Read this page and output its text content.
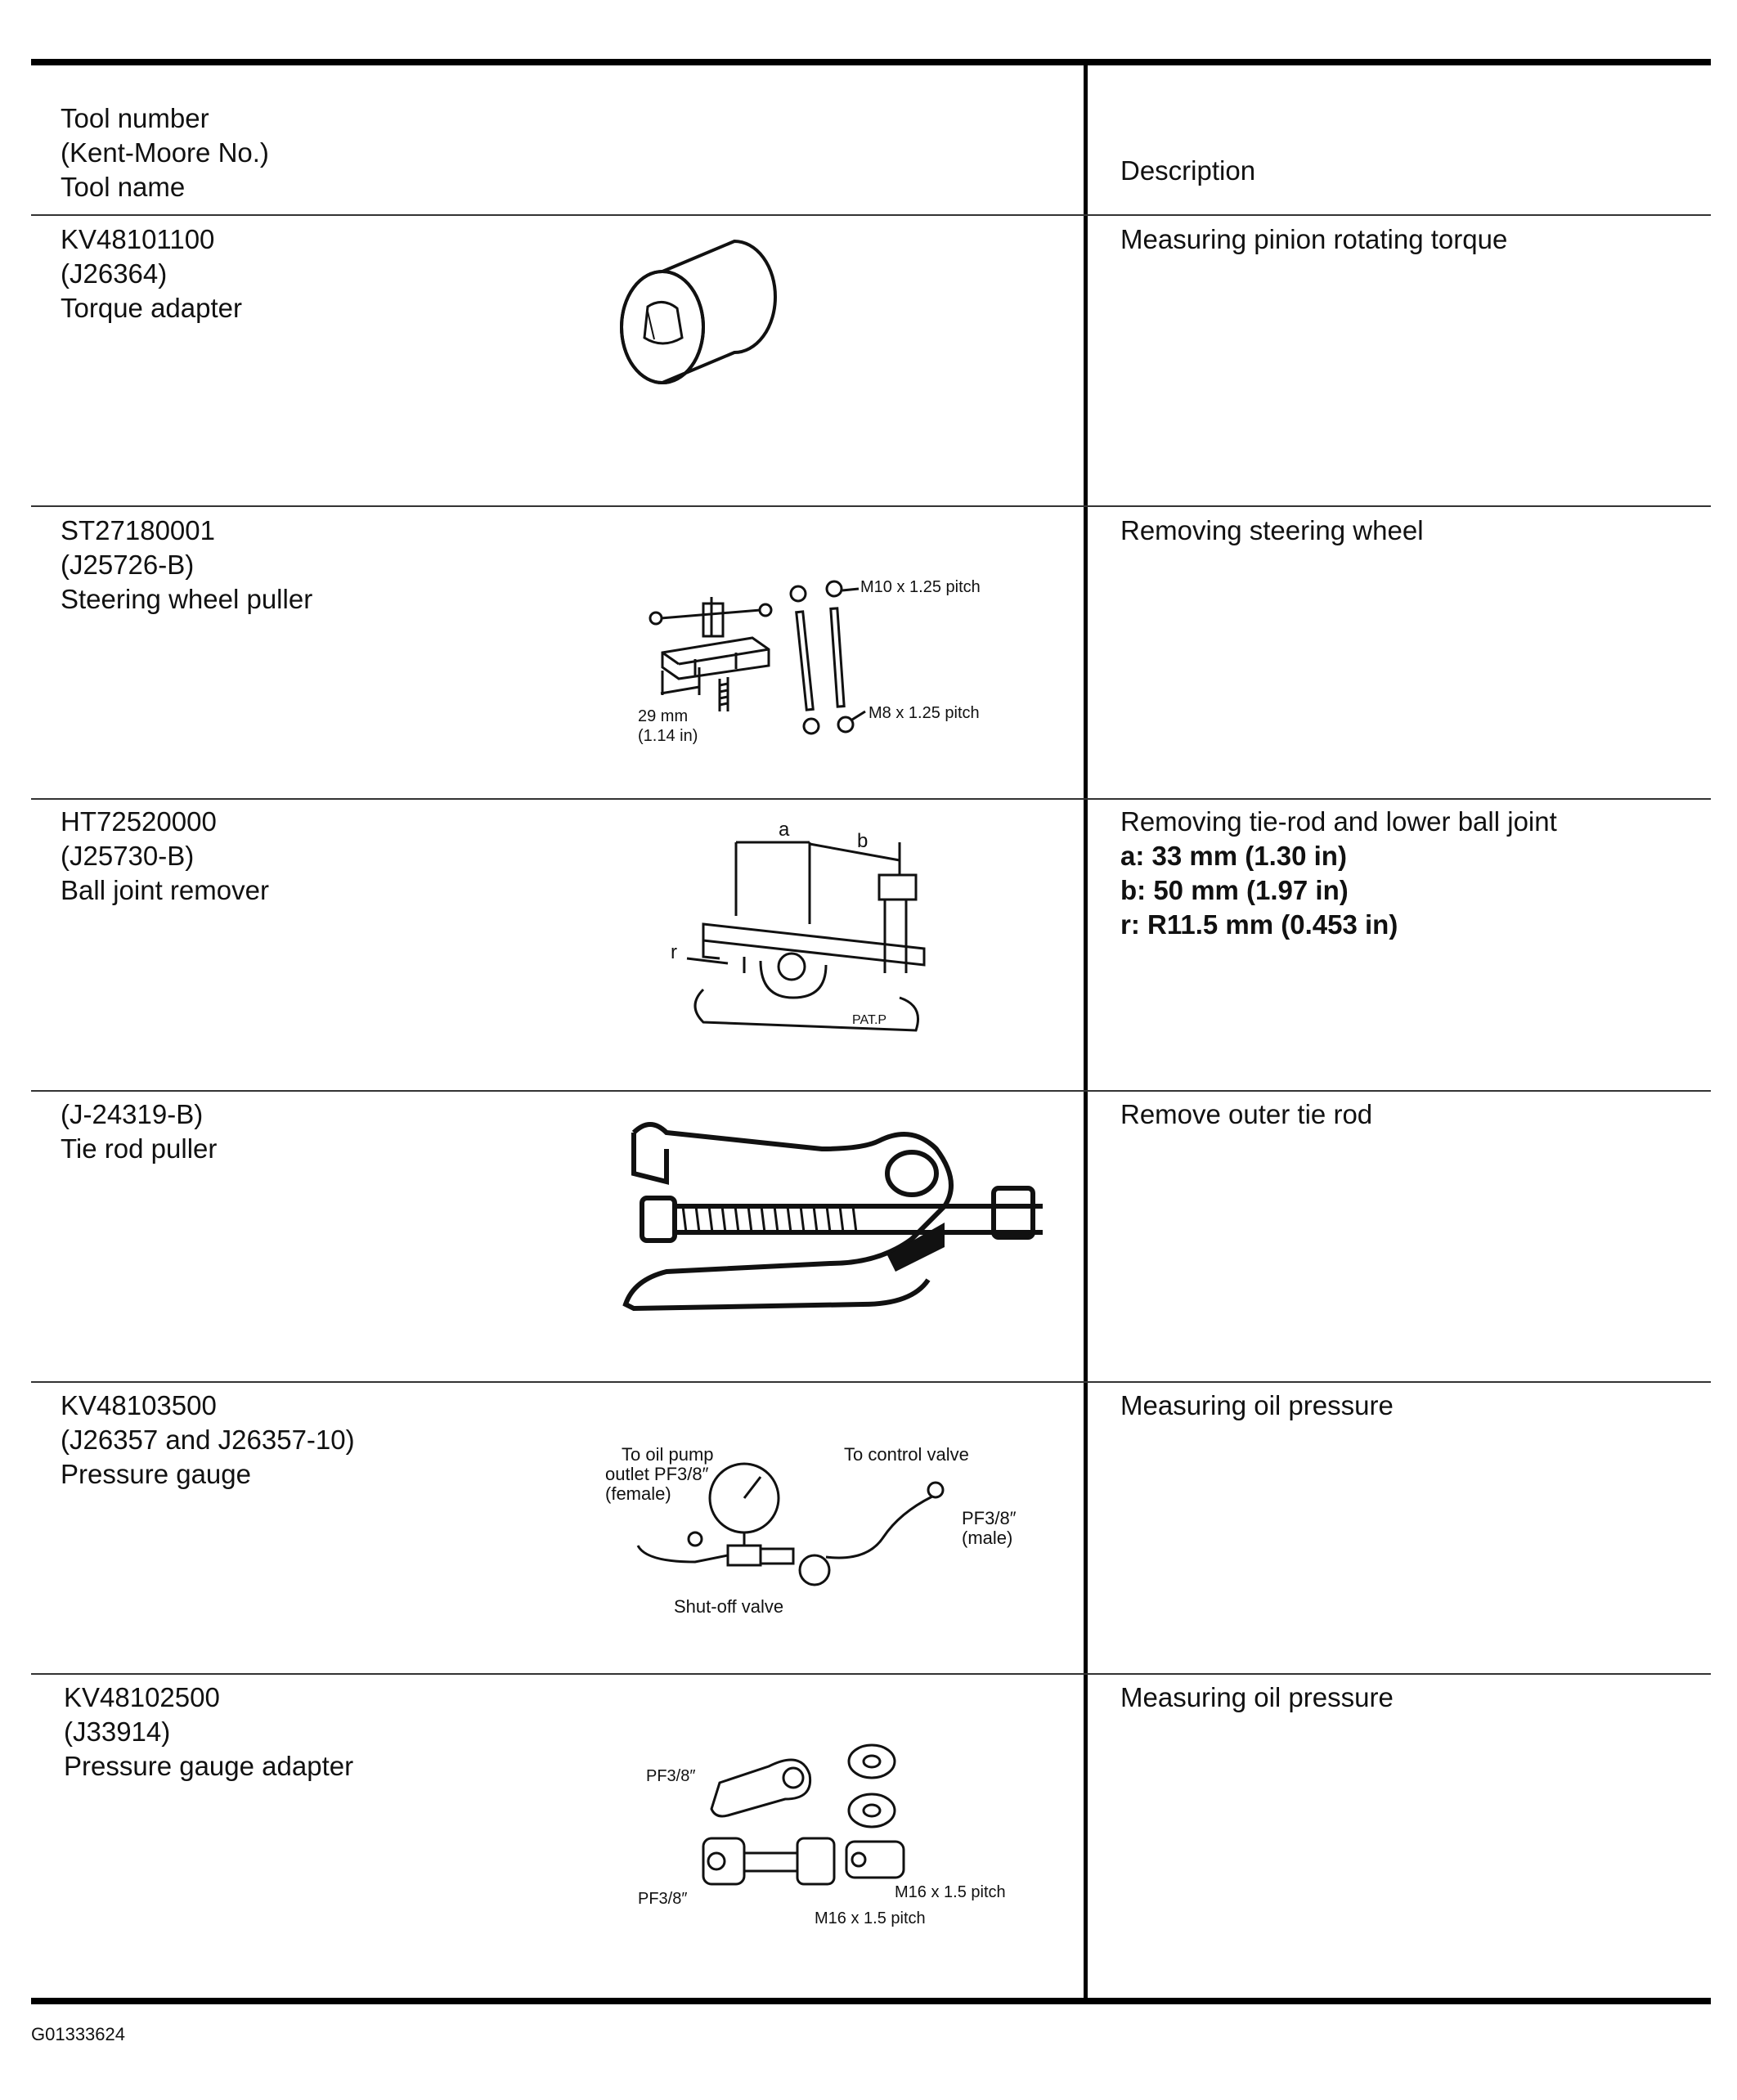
Tool number
(Kent-Moore No.)
Tool name
Description
KV48101100
(J26364)
Torque adapter
Measuring pinion rotating torque
ST27180001
(J25726-B)
Steering wheel puller
Removing steering wheel
M10 x 1.25 pitch
M8 x 1.25 pitch
29 mm
(1.14 in)
HT72520000
(J25730-B)
Ball joint remover
Removing tie-rod and lower ball joint
a: 33 mm (1.30 in)
b: 50 mm (1.97 in)
r: R11.5 mm (0.453 in)
a
b
r
PAT.P
(J-24319-B)
Tie rod puller
Remove outer tie rod
KV48103500
(J26357 and J26357-10)
Pressure gauge
Measuring oil pressure
To oil pump
outlet PF3/8″
(female)
To control valve
PF3/8″
(male)
Shut-off valve
KV48102500
(J33914)
Pressure gauge adapter
Measuring oil pressure
PF3/8″
PF3/8″	M16 x 1.5 pitch
M16 x 1.5 pitch
G01333624
